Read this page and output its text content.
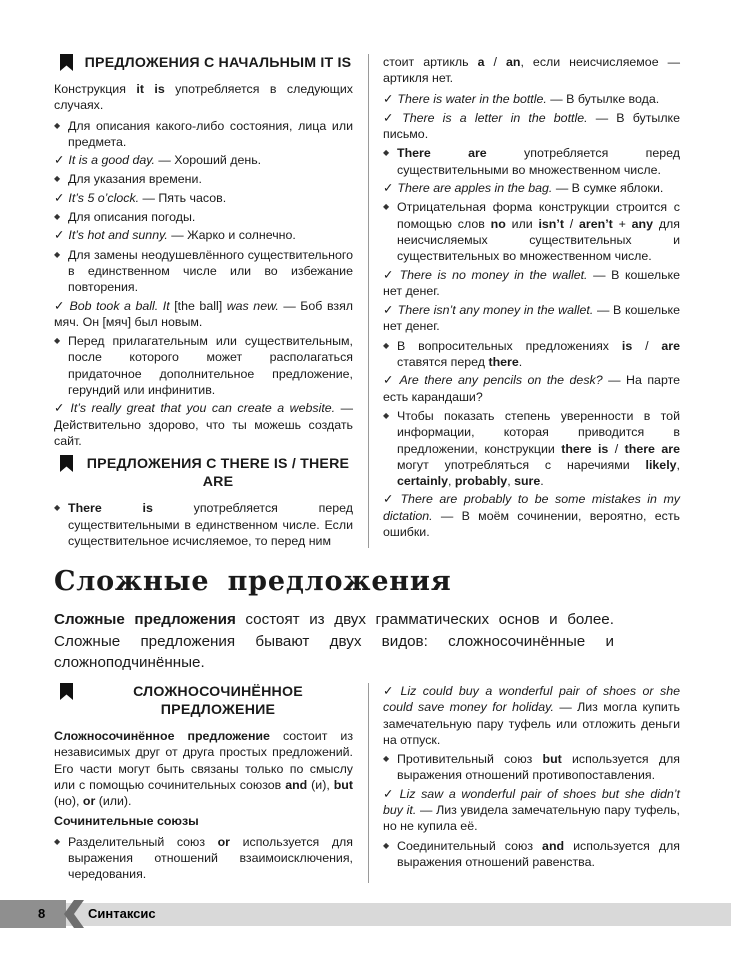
ПРЕДЛОЖЕНИЯ С НАЧАЛЬНЫМ IT IS

Конструкция it is употребляется в следующих случаях.

◆ Для описания какого-либо состояния, лица или предмета.
✓ It is a good day. — Хороший день.
◆ Для указания времени.
✓ It’s 5 o’clock. — Пять часов.
◆ Для описания погоды.
✓ It’s hot and sunny. — Жарко и солнечно.
◆ Для замены неодушевлённого существительного в единственном числе или во избежание повторения.
✓ Bob took a ball. It [the ball] was new. — Боб взял мяч. Он [мяч] был новым.
◆ Перед прилагательным или существительным, после которого может располагаться придаточное дополнительное предложение, герундий или инфинитив.
✓ It’s really great that you can create a website. — Действительно здорово, что ты можешь создать сайт.
ПРЕДЛОЖЕНИЯ С THERE IS / THERE ARE
◆ There is употребляется перед существительными в единственном числе. Если существительное исчисляемое, то перед ним

стоит артикль a / an, если неисчисляемое — артикля нет.

✓ There is water in the bottle. — В бутылке вода.
✓ There is a letter in the bottle. — В бутылке письмо.
◆ There are употребляется перед существительными во множественном числе.
✓ There are apples in the bag. — В сумке яблоки.
◆ Отрицательная форма конструкции строится с помощью слов no или isn’t / aren’t + any для неисчисляемых существительных и существительных во множественном числе.
✓ There is no money in the wallet. — В кошельке нет денег.
✓ There isn’t any money in the wallet. — В кошельке нет денег.
◆ В вопросительных предложениях is / are ставятся перед there.
✓ Are there any pencils on the desk? — На парте есть карандаши?
◆ Чтобы показать степень уверенности в той информации, которая приводится в предложении, конструкции there is / there are могут употребляться с наречиями likely, certainly, probably, sure.
✓ There are probably to be some mistakes in my dictation. — В моём сочинении, вероятно, есть ошибки.
Сложные предложения

Сложные предложения состоят из двух грамматических основ и более. Сложные предложения бывают двух видов: сложносочинённые и сложноподчинённые.

СЛОЖНОСОЧИНЁННОЕ ПРЕДЛОЖЕНИЕ

Сложносочинённое предложение состоит из независимых друг от друга простых предложений. Его части могут быть связаны только по смыслу или с помощью сочинительных союзов and (и), but (но), or (или).

Сочинительные союзы
◆ Разделительный союз or используется для выражения отношений взаимоисключения, чередования.
✓ Liz could buy a wonderful pair of shoes or she could save money for holiday. — Лиз могла купить замечательную пару туфель или отложить деньги на отпуск.
◆ Противительный союз but используется для выражения отношений противопоставления.
✓ Liz saw a wonderful pair of shoes but she didn’t buy it. — Лиз увидела замечательную пару туфель, но не купила её.
◆ Соединительный союз and используется для выражения отношений равенства.
8	Синтаксис
